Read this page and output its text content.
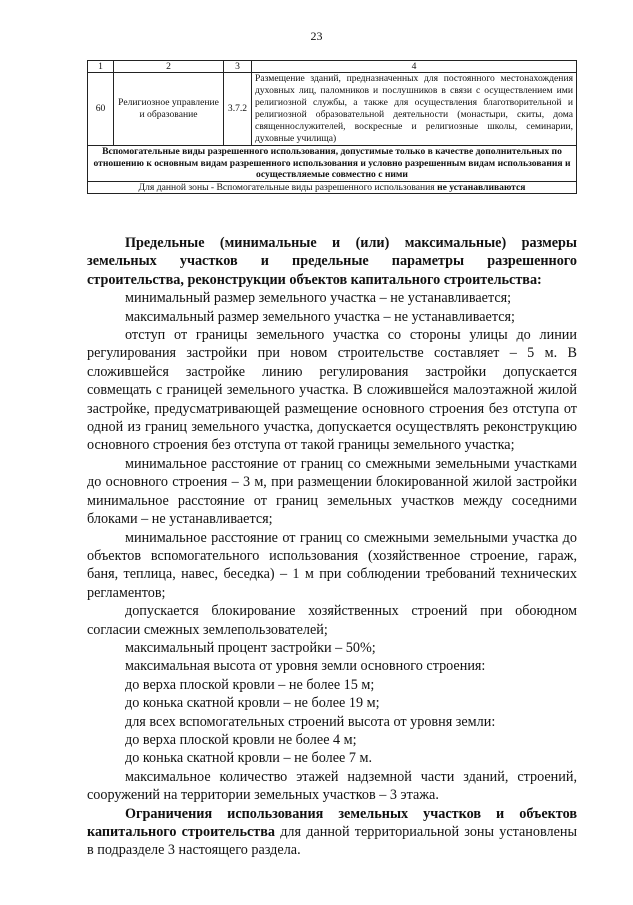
23
1	2	3	4
60	Религиозное управление и образование	3.7.2	Размещение зданий, предназначенных для постоянного местонахождения духовных лиц, паломников и послушников в связи с осуществлением ими религиозной службы, а также для осуществления благотворительной и религиозной образовательной деятельности (монастыри, скиты, дома священнослужителей, воскресные и религиозные школы, семинарии, духовные училища)
Вспомогательные виды разрешенного использования, допустимые только в качестве дополнительных по отношению к основным видам разрешенного использования и условно разрешенным видам использования и осуществляемые совместно с ними			
Для данной зоны - Вспомогательные виды разрешенного использования не устанавливаются			

Предельные (минимальные и (или) максимальные) размеры земельных участков и предельные параметры разрешенного строительства, реконструкции объектов капитального строительства:

минимальный размер земельного участка – не устанавливается;

максимальный размер земельного участка – не устанавливается;

отступ от границы земельного участка со стороны улицы до линии регулирования застройки при новом строительстве составляет – 5 м. В сложившейся застройке линию регулирования застройки допускается совмещать с границей земельного участка. В сложившейся малоэтажной жилой застройке, предусматривающей размещение основного строения без отступа от одной из границ земельного участка, допускается осуществлять реконструкцию основного строения без отступа от такой границы земельного участка;

минимальное расстояние от границ со смежными земельными участками до основного строения – 3 м, при размещении блокированной жилой застройки минимальное расстояние от границ земельных участков между соседними блоками – не устанавливается;

минимальное расстояние от границ со смежными земельными участка до объектов вспомогательного использования (хозяйственное строение, гараж, баня, теплица, навес, беседка) – 1 м при соблюдении требований технических регламентов;

допускается блокирование хозяйственных строений при обоюдном согласии смежных землепользователей;

максимальный процент застройки – 50%;

максимальная высота от уровня земли основного строения:

до верха плоской кровли – не более 15 м;

до конька скатной кровли – не более 19 м;

для всех вспомогательных строений высота от уровня земли:

до верха плоской кровли не более 4 м;

до конька скатной кровли – не более 7 м.

максимальное количество этажей надземной части зданий, строений, сооружений на территории земельных участков – 3 этажа.

Ограничения использования земельных участков и объектов капитального строительства для данной территориальной зоны установлены в подразделе 3 настоящего раздела.
